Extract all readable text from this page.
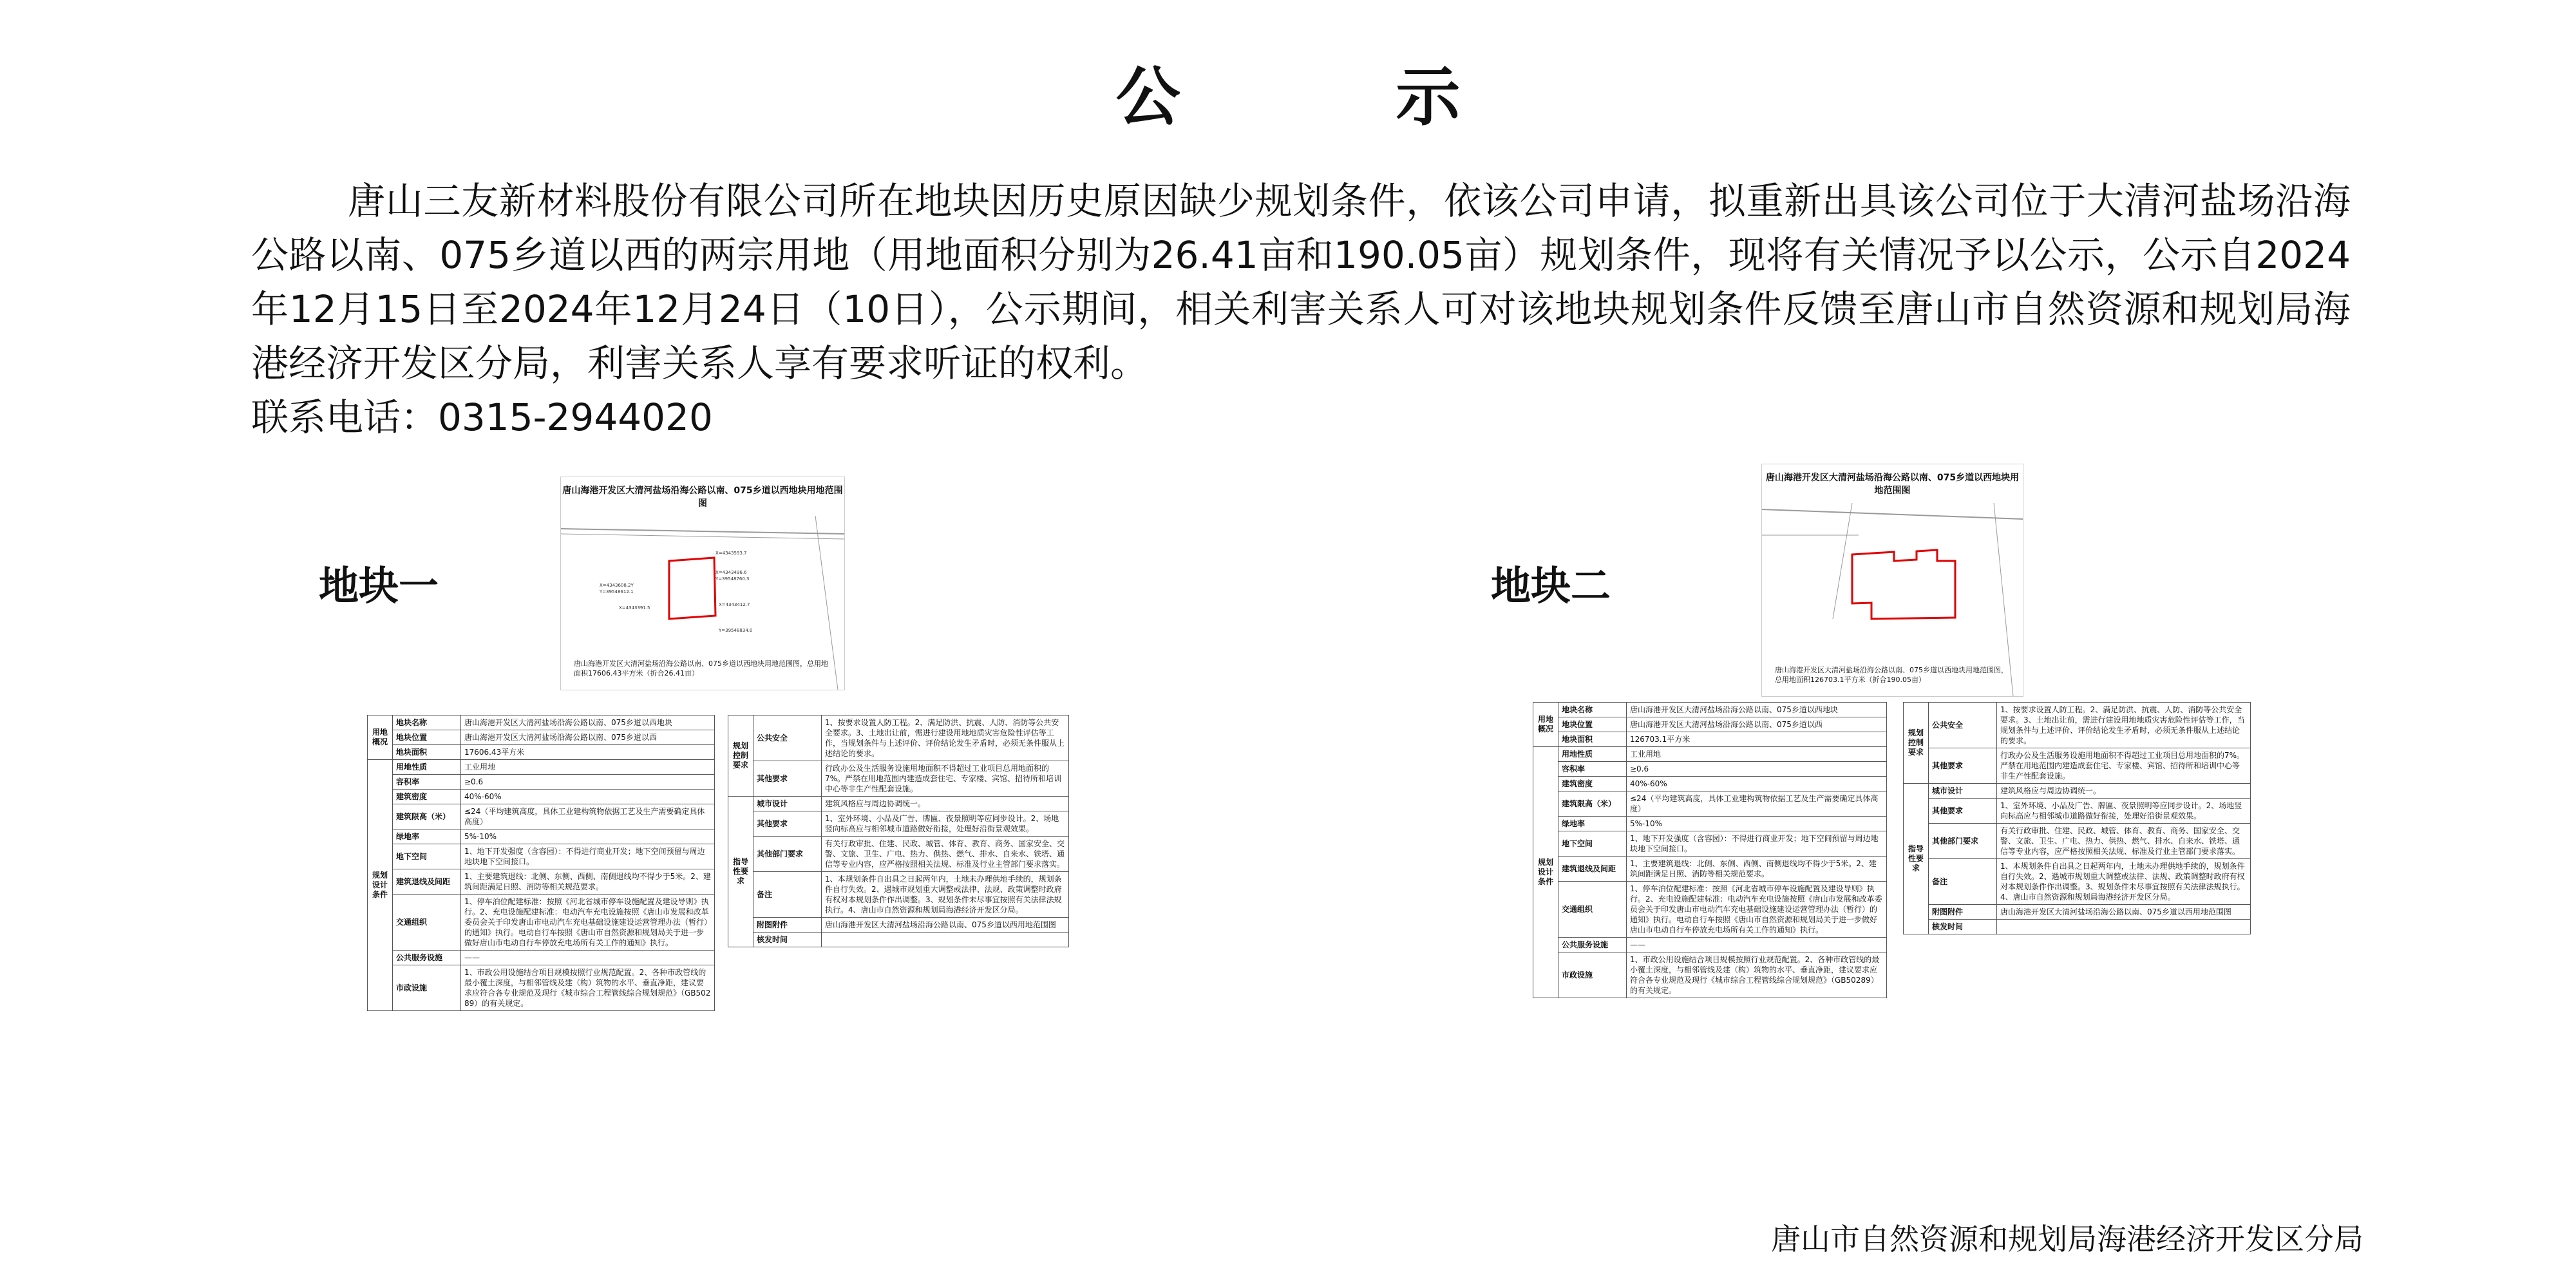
公 示

唐山三友新材料股份有限公司所在地块因历史原因缺少规划条件，依该公司申请，拟重新出具该公司位于大清河盐场沿海公路以南、075乡道以西的两宗用地（用地面积分别为26.41亩和190.05亩）规划条件，现将有关情况予以公示，公示自2024年12月15日至2024年12月24日（10日），公示期间，相关利害关系人可对该地块规划条件反馈至唐山市自然资源和规划局海港经济开发区分局，利害关系人享有要求听证的权利。

联系电话：0315-2944020

地块一
唐山海港开发区大清河盐场沿海公路以南、075乡道以西地块用地范围图
X=4343608.2Y
Y=39548612.1
X=4343593.7
X=4343496.6
Y=39548760.3
X=4343412.7
X=4343391.5
Y=39548834.0
唐山海港开发区大清河盐场沿海公路以南、075乡道以西地块用地范围图，总用地面积17606.43平方米（折合26.41亩）
用地概况	地块名称	唐山海港开发区大清河盐场沿海公路以南、075乡道以西地块
	地块位置	唐山海港开发区大清河盐场沿海公路以南、075乡道以西
	地块面积	17606.43平方米
规划设计条件	用地性质	工业用地
	容积率	≥0.6
	建筑密度	40%-60%
	建筑限高（米）	≤24（平均建筑高度，具体工业建构筑物依据工艺及生产需要确定具体高度）
	绿地率	5%-10%
	地下空间	1、地下开发强度（含容园）：不得进行商业开发；地下空间预留与周边地块地下空间接口。
	建筑退线及间距	1、主要建筑退线：北侧、东侧、西侧、南侧退线均不得少于5米。2、建筑间距满足日照、消防等相关规范要求。
	交通组织	1、停车泊位配建标准：按照《河北省城市停车设施配置及建设导则》执行。2、充电设施配建标准：电动汽车充电设施按照《唐山市发展和改革委员会关于印发唐山市电动汽车充电基础设施建设运营管理办法（暂行）的通知》执行。电动自行车按照《唐山市自然资源和规划局关于进一步做好唐山市电动自行车停放充电场所有关工作的通知》执行。
	公共服务设施	——
	市政设施	1、市政公用设施结合项目规模按照行业规范配置。2、各种市政管线的最小覆土深度，与相邻管线及建（构）筑物的水平、垂直净距，建议要求应符合各专业规范及现行《城市综合工程管线综合规划规范》（GB50289）的有关规定。
规划控制要求	公共安全	1、按要求设置人防工程。2、满足防洪、抗震、人防、消防等公共安全要求。3、土地出让前，需进行建设用地地质灾害危险性评估等工作，当规划条件与上述评价、评价结论发生矛盾时，必须无条件服从上述结论的要求。
	其他要求	行政办公及生活服务设施用地面积不得超过工业项目总用地面积的7%。严禁在用地范围内建造成套住宅、专家楼、宾馆、招待所和培训中心等非生产性配套设施。
指导性要求	城市设计	建筑风格应与周边协调统一。
	其他要求	1、室外环境、小品及广告、牌匾、夜景照明等应同步设计。2、场地竖向标高应与相邻城市道路做好衔接，处理好沿街景观效果。
	其他部门要求	有关行政审批、住建、民政、城管、体育、教育、商务、国家安全、交警、文旅、卫生、广电、热力、供热、燃气、排水、自来水、铁塔、通信等专业内容，应严格按照相关法规、标准及行业主管部门要求落实。
	备注	1、本规划条件自出具之日起两年内，土地未办理供地手续的，规划条件自行失效。2、遇城市规划重大调整或法律、法规、政策调整时政府有权对本规划条件作出调整。3、规划条件未尽事宜按照有关法律法规执行。4、唐山市自然资源和规划局海港经济开发区分局。
	附图附件	唐山海港开发区大清河盐场沿海公路以南、075乡道以西用地范围图
	核发时间	
地块二
唐山海港开发区大清河盐场沿海公路以南、075乡道以西地块用地范围图
唐山海港开发区大清河盐场沿海公路以南、075乡道以西地块用地范围图，总用地面积126703.1平方米（折合190.05亩）
用地概况	地块名称	唐山海港开发区大清河盐场沿海公路以南、075乡道以西地块
	地块位置	唐山海港开发区大清河盐场沿海公路以南、075乡道以西
	地块面积	126703.1平方米
规划设计条件	用地性质	工业用地
	容积率	≥0.6
	建筑密度	40%-60%
	建筑限高（米）	≤24（平均建筑高度，具体工业建构筑物依据工艺及生产需要确定具体高度）
	绿地率	5%-10%
	地下空间	1、地下开发强度（含容园）：不得进行商业开发；地下空间预留与周边地块地下空间接口。
	建筑退线及间距	1、主要建筑退线：北侧、东侧、西侧、南侧退线均不得少于5米。2、建筑间距满足日照、消防等相关规范要求。
	交通组织	1、停车泊位配建标准：按照《河北省城市停车设施配置及建设导则》执行。2、充电设施配建标准：电动汽车充电设施按照《唐山市发展和改革委员会关于印发唐山市电动汽车充电基础设施建设运营管理办法（暂行）的通知》执行。电动自行车按照《唐山市自然资源和规划局关于进一步做好唐山市电动自行车停放充电场所有关工作的通知》执行。
	公共服务设施	——
	市政设施	1、市政公用设施结合项目规模按照行业规范配置。2、各种市政管线的最小覆土深度，与相邻管线及建（构）筑物的水平、垂直净距，建议要求应符合各专业规范及现行《城市综合工程管线综合规划规范》（GB50289）的有关规定。
规划控制要求	公共安全	1、按要求设置人防工程。2、满足防洪、抗震、人防、消防等公共安全要求。3、土地出让前，需进行建设用地地质灾害危险性评估等工作，当规划条件与上述评价、评价结论发生矛盾时，必须无条件服从上述结论的要求。
	其他要求	行政办公及生活服务设施用地面积不得超过工业项目总用地面积的7%。严禁在用地范围内建造成套住宅、专家楼、宾馆、招待所和培训中心等非生产性配套设施。
指导性要求	城市设计	建筑风格应与周边协调统一。
	其他要求	1、室外环境、小品及广告、牌匾、夜景照明等应同步设计。2、场地竖向标高应与相邻城市道路做好衔接，处理好沿街景观效果。
	其他部门要求	有关行政审批、住建、民政、城管、体育、教育、商务、国家安全、交警、文旅、卫生、广电、热力、供热、燃气、排水、自来水、铁塔、通信等专业内容，应严格按照相关法规、标准及行业主管部门要求落实。
	备注	1、本规划条件自出具之日起两年内，土地未办理供地手续的，规划条件自行失效。2、遇城市规划重大调整或法律、法规、政策调整时政府有权对本规划条件作出调整。3、规划条件未尽事宜按照有关法律法规执行。4、唐山市自然资源和规划局海港经济开发区分局。
	附图附件	唐山海港开发区大清河盐场沿海公路以南、075乡道以西用地范围图
	核发时间	
唐山市自然资源和规划局海港经济开发区分局
